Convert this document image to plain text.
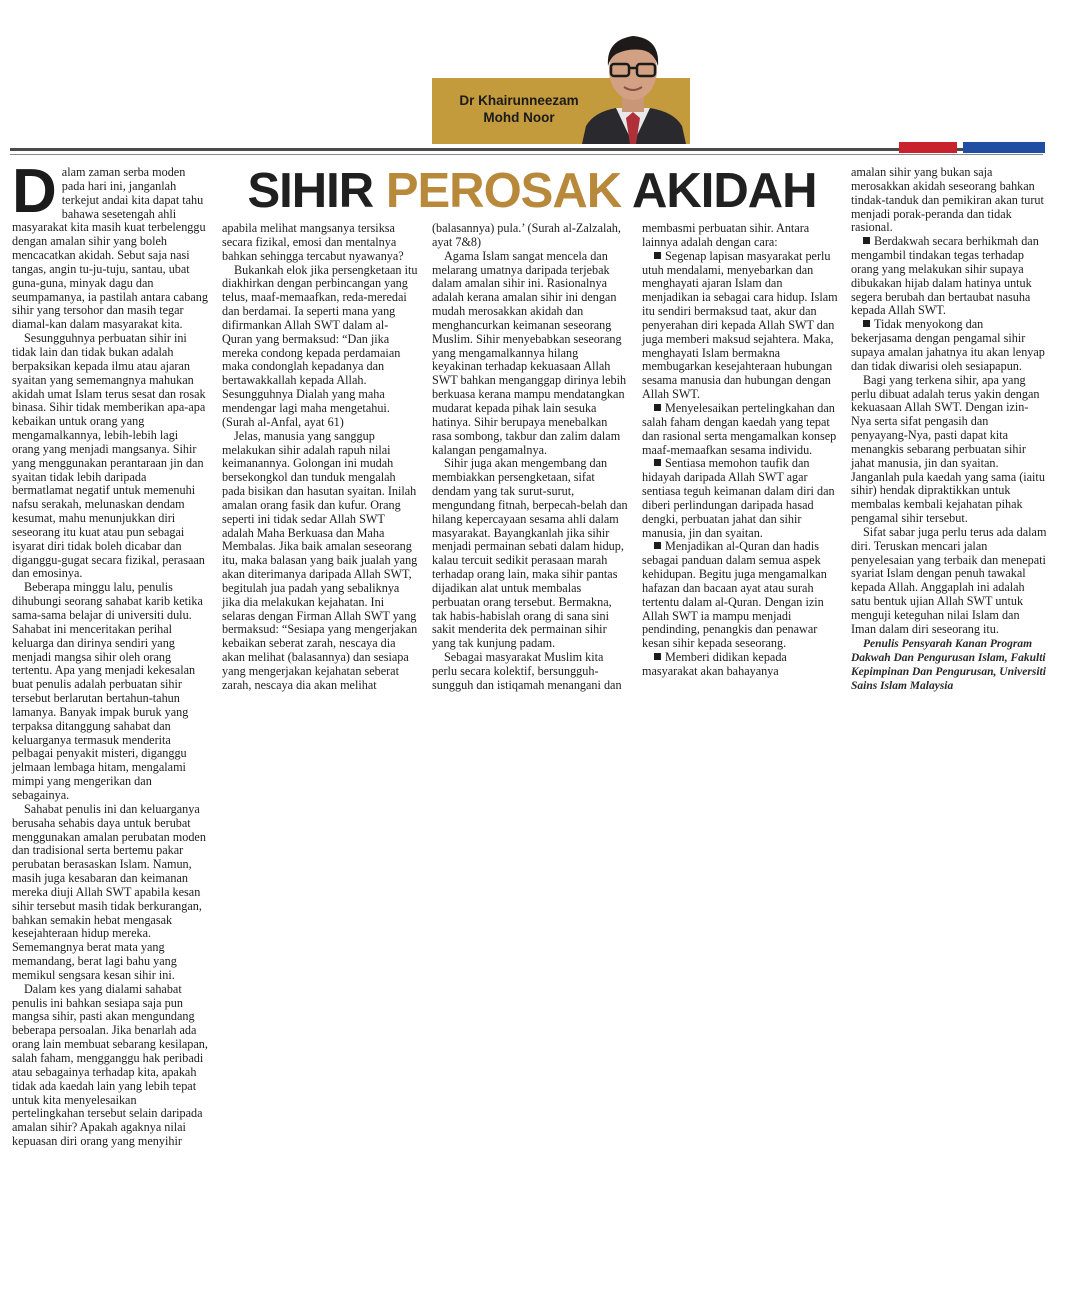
Dr Khairunneezam
Mohd Noor
SIHIR PEROSAK AKIDAH

Dalam zaman serba moden pada hari ini, janganlah terkejut andai kita dapat tahu bahawa sesetengah ahli masyarakat kita masih kuat terbelenggu dengan amalan sihir yang boleh mencacatkan akidah. Sebut saja nasi tangas, angin tu-ju-tuju, santau, ubat guna-guna, minyak dagu dan seumpamanya, ia pastilah antara cabang sihir yang tersohor dan masih tegar diamal-kan dalam masyarakat kita.

Sesungguhnya perbuatan sihir ini tidak lain dan tidak bukan adalah berpaksikan kepada ilmu atau ajaran syaitan yang sememangnya mahukan akidah umat Islam terus sesat dan rosak binasa. Sihir tidak memberikan apa-apa kebaikan untuk orang yang mengamalkannya, lebih-lebih lagi orang yang menjadi mangsanya. Sihir yang menggunakan perantaraan jin dan syaitan tidak lebih daripada bermatlamat negatif untuk memenuhi nafsu serakah, melunaskan dendam kesumat, mahu menunjukkan diri seseorang itu kuat atau pun sebagai isyarat diri tidak boleh dicabar dan diganggu-gugat secara fizikal, perasaan dan emosinya.

Beberapa minggu lalu, penulis dihubungi seorang sahabat karib ketika sama-sama belajar di universiti dulu. Sahabat ini menceritakan perihal keluarga dan dirinya sendiri yang menjadi mangsa sihir oleh orang tertentu. Apa yang menjadi kekesalan buat penulis adalah perbuatan sihir tersebut berlarutan bertahun-tahun lamanya. Banyak impak buruk yang terpaksa ditanggung sahabat dan keluarganya termasuk menderita pelbagai penyakit misteri, diganggu jelmaan lembaga hitam, mengalami mimpi yang mengerikan dan sebagainya.

Sahabat penulis ini dan keluarganya berusaha sehabis daya untuk berubat menggunakan amalan perubatan moden dan tradisional serta bertemu pakar perubatan berasaskan Islam. Namun, masih juga kesabaran dan keimanan mereka diuji Allah SWT apabila kesan sihir tersebut masih tidak berkurangan, bahkan semakin hebat mengasak kesejahteraan hidup mereka. Sememangnya berat mata yang memandang, berat lagi bahu yang memikul sengsara kesan sihir ini.

Dalam kes yang dialami sahabat penulis ini bahkan sesiapa saja pun mangsa sihir, pasti akan mengundang beberapa persoalan. Jika benarlah ada orang lain membuat sebarang kesilapan, salah faham, mengganggu hak peribadi atau sebagainya terhadap kita, apakah tidak ada kaedah lain yang lebih tepat untuk kita menyelesaikan pertelingkahan tersebut selain daripada amalan sihir? Apakah agaknya nilai kepuasan diri orang yang menyihir

apabila melihat mangsanya tersiksa secara fizikal, emosi dan mentalnya bahkan sehingga tercabut nyawanya?

Bukankah elok jika persengketaan itu diakhirkan dengan perbincangan yang telus, maaf-memaafkan, reda-meredai dan berdamai. Ia seperti mana yang difirmankan Allah SWT dalam al-Quran yang bermaksud: “Dan jika mereka condong kepada perdamaian maka condonglah kepadanya dan bertawakkallah kepada Allah. Sesungguhnya Dialah yang maha mendengar lagi maha mengetahui. (Surah al-Anfal, ayat 61)

Jelas, manusia yang sanggup melakukan sihir adalah rapuh nilai keimanannya. Golongan ini mudah bersekongkol dan tunduk mengalah pada bisikan dan hasutan syaitan. Inilah amalan orang fasik dan kufur. Orang seperti ini tidak sedar Allah SWT adalah Maha Berkuasa dan Maha Membalas. Jika baik amalan seseorang itu, maka balasan yang baik jualah yang akan diterimanya daripada Allah SWT, begitulah jua padah yang sebaliknya jika dia melakukan kejahatan. Ini selaras dengan Firman Allah SWT yang bermaksud: “Sesiapa yang mengerjakan kebaikan seberat zarah, nescaya dia akan melihat (balasannya) dan sesiapa yang mengerjakan kejahatan seberat zarah, nescaya dia akan melihat

(balasannya) pula.’ (Surah al-Zalzalah, ayat 7&8)

Agama Islam sangat mencela dan melarang umatnya daripada terjebak dalam amalan sihir ini. Rasionalnya adalah kerana amalan sihir ini dengan mudah merosakkan akidah dan menghancurkan keimanan seseorang Muslim. Sihir menyebabkan seseorang yang mengamalkannya hilang keyakinan terhadap kekuasaan Allah SWT bahkan menganggap dirinya lebih berkuasa kerana mampu mendatangkan mudarat kepada pihak lain sesuka hatinya. Sihir berupaya menebalkan rasa sombong, takbur dan zalim dalam kalangan pengamalnya.

Sihir juga akan mengembang dan membiakkan persengketaan, sifat dendam yang tak surut-surut, mengundang fitnah, berpecah-belah dan hilang kepercayaan sesama ahli dalam masyarakat. Bayangkanlah jika sihir menjadi permainan sebati dalam hidup, kalau tercuit sedikit perasaan marah terhadap orang lain, maka sihir pantas dijadikan alat untuk membalas perbuatan orang tersebut. Bermakna, tak habis-habislah orang di sana sini sakit menderita dek permainan sihir yang tak kunjung padam.

Sebagai masyarakat Muslim kita perlu secara kolektif, bersungguh-sungguh dan istiqamah menangani dan

membasmi perbuatan sihir. Antara lainnya adalah dengan cara:

Segenap lapisan masyarakat perlu utuh mendalami, menyebarkan dan menghayati ajaran Islam dan menjadikan ia sebagai cara hidup. Islam itu sendiri bermaksud taat, akur dan penyerahan diri kepada Allah SWT dan juga memberi maksud sejahtera. Maka, menghayati Islam bermakna membugarkan kesejahteraan hubungan sesama manusia dan hubungan dengan Allah SWT.

Menyelesaikan pertelingkahan dan salah faham dengan kaedah yang tepat dan rasional serta mengamalkan konsep maaf-memaafkan sesama individu.

Sentiasa memohon taufik dan hidayah daripada Allah SWT agar sentiasa teguh keimanan dalam diri dan diberi perlindungan daripada hasad dengki, perbuatan jahat dan sihir manusia, jin dan syaitan.

Menjadikan al-Quran dan hadis sebagai panduan dalam semua aspek kehidupan. Begitu juga mengamalkan hafazan dan bacaan ayat atau surah tertentu dalam al-Quran. Dengan izin Allah SWT ia mampu menjadi pendinding, penangkis dan penawar kesan sihir kepada seseorang.

Memberi didikan kepada masyarakat akan bahayanya

amalan sihir yang bukan saja merosakkan akidah seseorang bahkan tindak-tanduk dan pemikiran akan turut menjadi porak-peranda dan tidak rasional.

Berdakwah secara berhikmah dan mengambil tindakan tegas terhadap orang yang melakukan sihir supaya dibukakan hijab dalam hatinya untuk segera berubah dan bertaubat nasuha kepada Allah SWT.

Tidak menyokong dan bekerjasama dengan pengamal sihir supaya amalan jahatnya itu akan lenyap dan tidak diwarisi oleh sesiapapun.

Bagi yang terkena sihir, apa yang perlu dibuat adalah terus yakin dengan kekuasaan Allah SWT. Dengan izin-Nya serta sifat pengasih dan penyayang-Nya, pasti dapat kita menangkis sebarang perbuatan sihir jahat manusia, jin dan syaitan. Janganlah pula kaedah yang sama (iaitu sihir) hendak dipraktikkan untuk membalas kembali kejahatan pihak pengamal sihir tersebut.

Sifat sabar juga perlu terus ada dalam diri. Teruskan mencari jalan penyelesaian yang terbaik dan menepati syariat Islam dengan penuh tawakal kepada Allah. Anggaplah ini adalah satu bentuk ujian Allah SWT untuk menguji keteguhan nilai Islam dan Iman dalam diri seseorang itu.

Penulis Pensyarah Kanan Program Dakwah Dan Pengurusan Islam, Fakulti Kepimpinan Dan Pengurusan, Universiti Sains Islam Malaysia
